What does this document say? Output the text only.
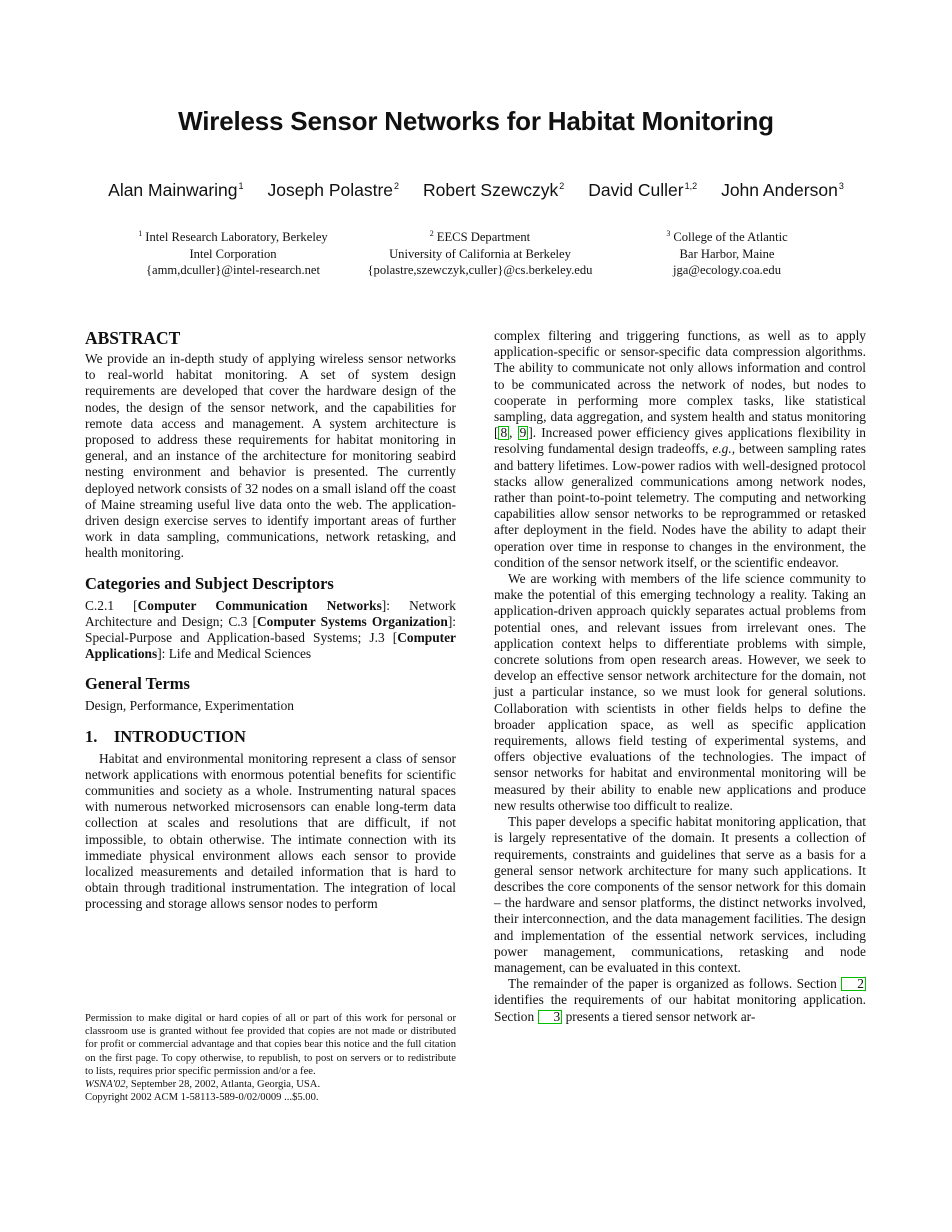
Wireless Sensor Networks for Habitat Monitoring
Alan Mainwaring$^1$ Joseph Polastre$^2$ Robert Szewczyk$^2$ David Culler$^{1,2}$ John Anderson$^3$
$^1$ Intel Research Laboratory, Berkeley
Intel Corporation
{amm,dculler}@intel-research.net
$^2$ EECS Department
University of California at Berkeley
{polastre,szewczyk,culler}@cs.berkeley.edu
$^3$ College of the Atlantic
Bar Harbor, Maine
jga@ecology.coa.edu
ABSTRACT

We provide an in-depth study of applying wireless sensor networks to real-world habitat monitoring. A set of system design requirements are developed that cover the hardware design of the nodes, the design of the sensor network, and the capabilities for remote data access and management. A system architecture is proposed to address these requirements for habitat monitoring in general, and an instance of the architecture for monitoring seabird nesting environment and behavior is presented. The currently deployed network consists of 32 nodes on a small island off the coast of Maine streaming useful live data onto the web. The application-driven design exercise serves to identify important areas of further work in data sampling, communications, network retasking, and health monitoring.

Categories and Subject Descriptors

C.2.1 [Computer Communication Networks]: Network Architecture and Design; C.3 [Computer Systems Organization]: Special-Purpose and Application-based Systems; J.3 [Computer Applications]: Life and Medical Sciences

General Terms

Design, Performance, Experimentation

1.    INTRODUCTION

Habitat and environmental monitoring represent a class of sensor network applications with enormous potential benefits for scientific communities and society as a whole. Instrumenting natural spaces with numerous networked microsensors can enable long-term data collection at scales and resolutions that are difficult, if not impossible, to obtain otherwise. The intimate connection with its immediate physical environment allows each sensor to provide localized measurements and detailed information that is hard to obtain through traditional instrumentation. The integration of local processing and storage allows sensor nodes to perform

Permission to make digital or hard copies of all or part of this work for personal or classroom use is granted without fee provided that copies are not made or distributed for profit or commercial advantage and that copies bear this notice and the full citation on the first page. To copy otherwise, to republish, to post on servers or to redistribute to lists, requires prior specific permission and/or a fee.

WSNA'02, September 28, 2002, Atlanta, Georgia, USA.

Copyright 2002 ACM 1-58113-589-0/02/0009 ...$5.00.

complex filtering and triggering functions, as well as to apply application-specific or sensor-specific data compression algorithms. The ability to communicate not only allows information and control to be communicated across the network of nodes, but nodes to cooperate in performing more complex tasks, like statistical sampling, data aggregation, and system health and status monitoring [ 8 , 9 ]. Increased power efficiency gives applications flexibility in resolving fundamental design tradeoffs, e.g., between sampling rates and battery lifetimes. Low-power radios with well-designed protocol stacks allow generalized communications among network nodes, rather than point-to-point telemetry. The computing and networking capabilities allow sensor networks to be reprogrammed or retasked after deployment in the field. Nodes have the ability to adapt their operation over time in response to changes in the environment, the condition of the sensor network itself, or the scientific endeavor.

We are working with members of the life science community to make the potential of this emerging technology a reality. Taking an application-driven approach quickly separates actual problems from potential ones, and relevant issues from irrelevant ones. The application context helps to differentiate problems with simple, concrete solutions from open research areas. However, we seek to develop an effective sensor network architecture for the domain, not just a particular instance, so we must look for general solutions. Collaboration with scientists in other fields helps to define the broader application space, as well as specific application requirements, allows field testing of experimental systems, and offers objective evaluations of the technologies. The impact of sensor networks for habitat and environmental monitoring will be measured by their ability to enable new applications and produce new results otherwise too difficult to realize.

This paper develops a specific habitat monitoring application, that is largely representative of the domain. It presents a collection of requirements, constraints and guidelines that serve as a basis for a general sensor network architecture for many such applications. It describes the core components of the sensor network for this domain – the hardware and sensor platforms, the distinct networks involved, their interconnection, and the data management facilities. The design and implementation of the essential network services, including power management, communications, retasking and node management, can be evaluated in this context.

The remainder of the paper is organized as follows. Section 2 identifies the requirements of our habitat monitoring application. Section 3 presents a tiered sensor network ar-
